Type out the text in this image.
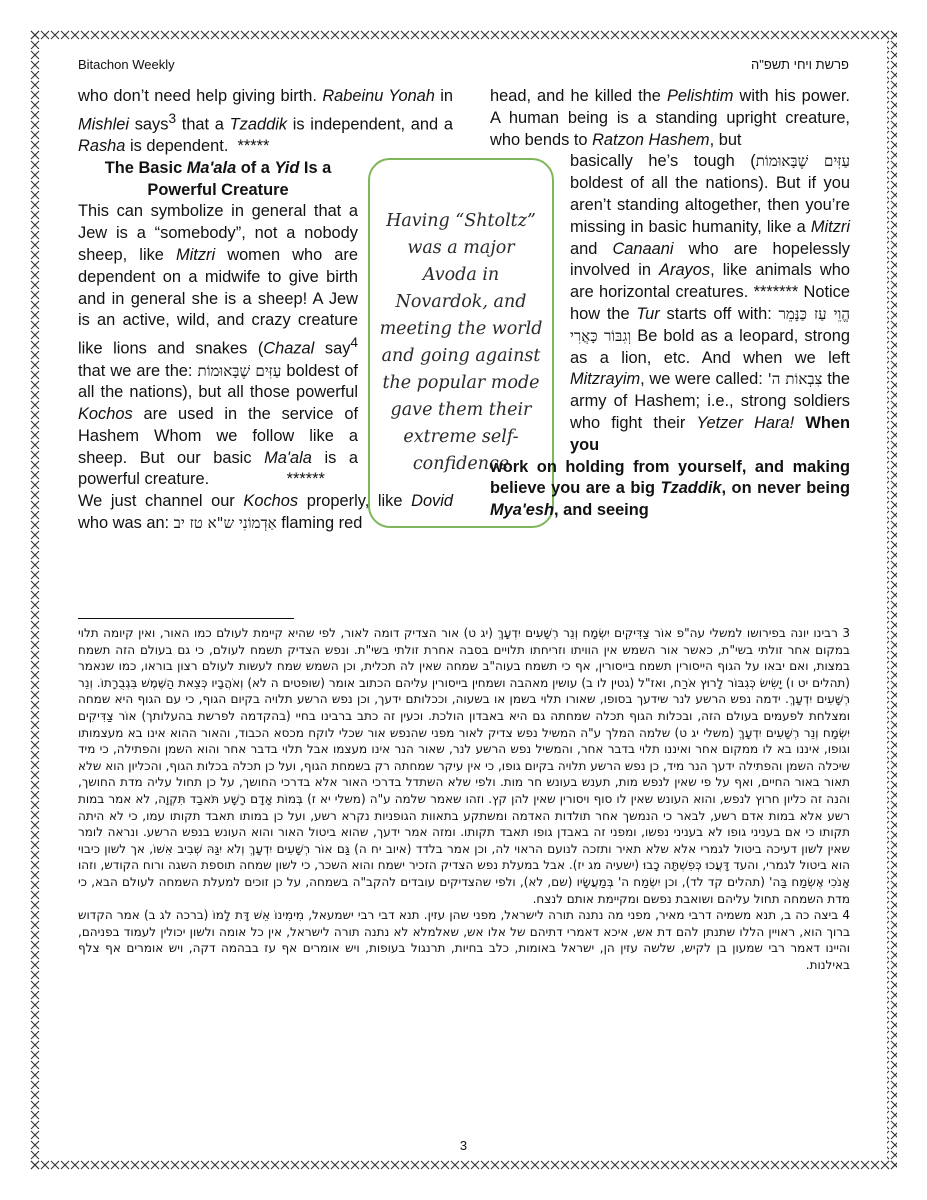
Bitachon Weekly	פרשת ויחי תשפ"ה

who don’t need help giving birth. Rabeinu Yonah in Mishlei says$^3$ that a Tzaddik is independent, and a Rasha is dependent.  *****

The Basic Ma'ala of a Yid Is a Powerful Creature

This can symbolize in general that a Jew is a “somebody”, not a nobody sheep, like Mitzri women who are dependent on a midwife to give birth and in general she is a sheep! A Jew is an active, wild, and crazy creature like lions and snakes (Chazal say$^4$ that we are the: עַזִּים שֶׁבָּאוּמוֹת boldest of all the nations), but all those powerful Kochos are used in the service of Hashem Whom we follow like a sheep. But our basic Ma'ala is a powerful creature.                 ******

We just channel our Kochos properly, like Dovid who was an: אַדְמוֹנִי ש"א טז יב flaming red

Having “Shtoltz” was a major Avoda in Novardok, and meeting the world and going against the popular mode gave them their extreme self-confidence

head, and he killed the Pelishtim with his power. A human being is a standing upright creature, who bends to Ratzon Hashem, but

basically he’s tough (עַזִּים שֶׁבָּאוּמוֹת boldest of all the nations). But if you aren’t standing altogether, then you’re missing in basic humanity, like a Mitzri and Canaani who are hopelessly involved in Arayos, like animals who are horizontal creatures. ******* Notice how the Tur starts off with: הֱוֵי עַז כַּנָּמֵר וְגִבּוֹר כָּאֲרִי Be bold as a leopard, strong as a lion, etc. And when we left Mitzrayim, we were called: צִבְאוֹת ה' the army of Hashem; i.e., strong soldiers who fight their Yetzer Hara! When you

work on holding from yourself, and making believe you are a big Tzaddik, on never being Mya'esh, and seeing

3 רבינו יונה בפירושו למשלי עה"פ אוֹר צַדִּיקִים יִשְׂמָח וְנֵר רְשָׁעִים יִדְעָךְ (יג ט) אור הצדיק דומה לאור, לפי שהיא קיימת לעולם כמו האור, ואין קיומה תלוי במקום אחר זולתי בשי"ת, כאשר אור השמש אין הוויתו וזריחתו תלויים בסבה אחרת זולתי בשי"ת. ונפש הצדיק תשמח לעולם, כי גם בעולם הזה תשמח במצות, ואם יבאו על הגוף הייסורין תשמח בייסורין, אף כי תשמח בעוה"ב שמחה שאין לה תכלית, וכן השמש שמח לעשות לעולם רצון בוראו, כמו שנאמר (תהלים יט ו) יָשִׂישׂ כְּגִבּוֹר לָרוּץ אֹרַח, ואז"ל (גטין לו ב) עושין מאהבה ושמחין בייסורין עליהם הכתוב אומר (שופטים ה לא) וְאֹהֲבָיו כְּצֵאת הַשֶּׁמֶשׁ בִּגְבֻרָתוֹ. וְנֵר רְשָׁעִים יִדְעָךְ. ידמה נפש הרשע לנר שידעך בסופו, שאורו תלוי בשמן או בשעוה, וככלותם ידעך, וכן נפש הרשע תלויה בקיום הגוף, כי עם הגוף היא שמחה ומצלחת לפעמים בעולם הזה, ובכלות הגוף תכלה שמחתה גם היא באבדון הולכת. וכעין זה כתב ברבינו בחיי (בהקדמה לפרשת בהעלותך) אוֹר צַדִּיקִים יִשְׂמָח וְנֵר רְשָׁעִים יִדְעָךְ (משלי יג ט) שלמה המלך ע"ה המשיל נפש צדיק לאור מפני שהנפש אור שכלי לוקח מכסא הכבוד, והאור ההוא אינו בא מעצמותו וגופו, איננו בא לו ממקום אחר ואיננו תלוי בדבר אחר, והמשיל נפש הרשע לנר, שאור הנר אינו מעצמו אבל תלוי בדבר אחר והוא השמן והפתילה, כי מיד שיכלה השמן והפתילה ידעך הנר מיד, כן נפש הרשע תלויה בקיום גופו, כי אין עיקר שמחתה רק בשמחת הגוף, ועל כן תכלה בכלות הגוף, והכליון הוא שלא תאור באור החיים, ואף על פי שאין לנפש מות, תענש בעונש חר מות. ולפי שלא השתדל בדרכי האור אלא בדרכי החושך, על כן תחול עליה מדת החושך, והנה זה כליון חרוץ לנפש, והוא העונש שאין לו סוף ויסורין שאין להן קץ. וזהו שאמר שלמה ע"ה (משלי יא ז) בְּמוֹת אָדָם רָשָׁע תֹּאבַד תִּקְוָה, לא אמר במות רשע אלא במות אדם רשע, לבאר כי הנמשך אחר תולדות האדמה ומשתקע בתאוות הגופניות נקרא רשע, ועל כן במותו תאבד תקותו עמו, כי לא היתה תקותו כי אם בעניני גופו לא בעניני נפשו, ומפני זה באבדן גופו תאבד תקותו. ומזה אמר ידעך, שהוא ביטול האור והוא העונש בנפש הרשע. ונראה לומר שאין לשון דעיכה ביטול לגמרי אלא שלא תאיר ותזכה לנועם הראוי לה, וכן אמר בלדד (איוב יח ה) גַּם אוֹר רְשָׁעִים יִדְעָךְ וְלֹא יִגַּהּ שְׁבִיב אִשּׁוֹ, אך לשון כיבוי הוא ביטול לגמרי, והעד דָּעֲכוּ כְּפִשְׁתָּה כָבוּ (ישעיה מג יז). אבל במעלת נפש הצדיק הזכיר ישמח והוא השכר, כי לשון שמחה תוספת השגה ורוח הקודש, וזהו אָנֹכִי אֶשְׂמַח בַּה' (תהלים קד לד), וכן יִשְׂמַח ה' בְּמַעֲשָׂיו (שם, לא), ולפי שהצדיקים עובדים להקב"ה בשמחה, על כן זוכים למעלת השמחה לעולם הבא, כי מדת השמחה תחול עליהם ושואבת נפשם ומקיימת אותם לנצח.

4 ביצה כה ב, תנא משמיה דרבי מאיר, מפני מה נתנה תורה לישראל, מפני שהן עזין. תנא דבי רבי ישמעאל, מִימִינוֹ אֵשׁ דָּת לָמוֹ (ברכה לג ב) אמר הקדוש ברוך הוא, ראויין הללו שתנתן להם דת אש, איכא דאמרי דתיהם של אלו אש, שאלמלא לא נתנה תורה לישראל, אין כל אומה ולשון יכולין לעמוד בפניהם, והיינו דאמר רבי שמעון בן לקיש, שלשה עזין הן, ישראל באומות, כלב בחיות, תרנגול בעופות, ויש אומרים אף עז בבהמה דקה, ויש אומרים אף צלף באילנות.

3
